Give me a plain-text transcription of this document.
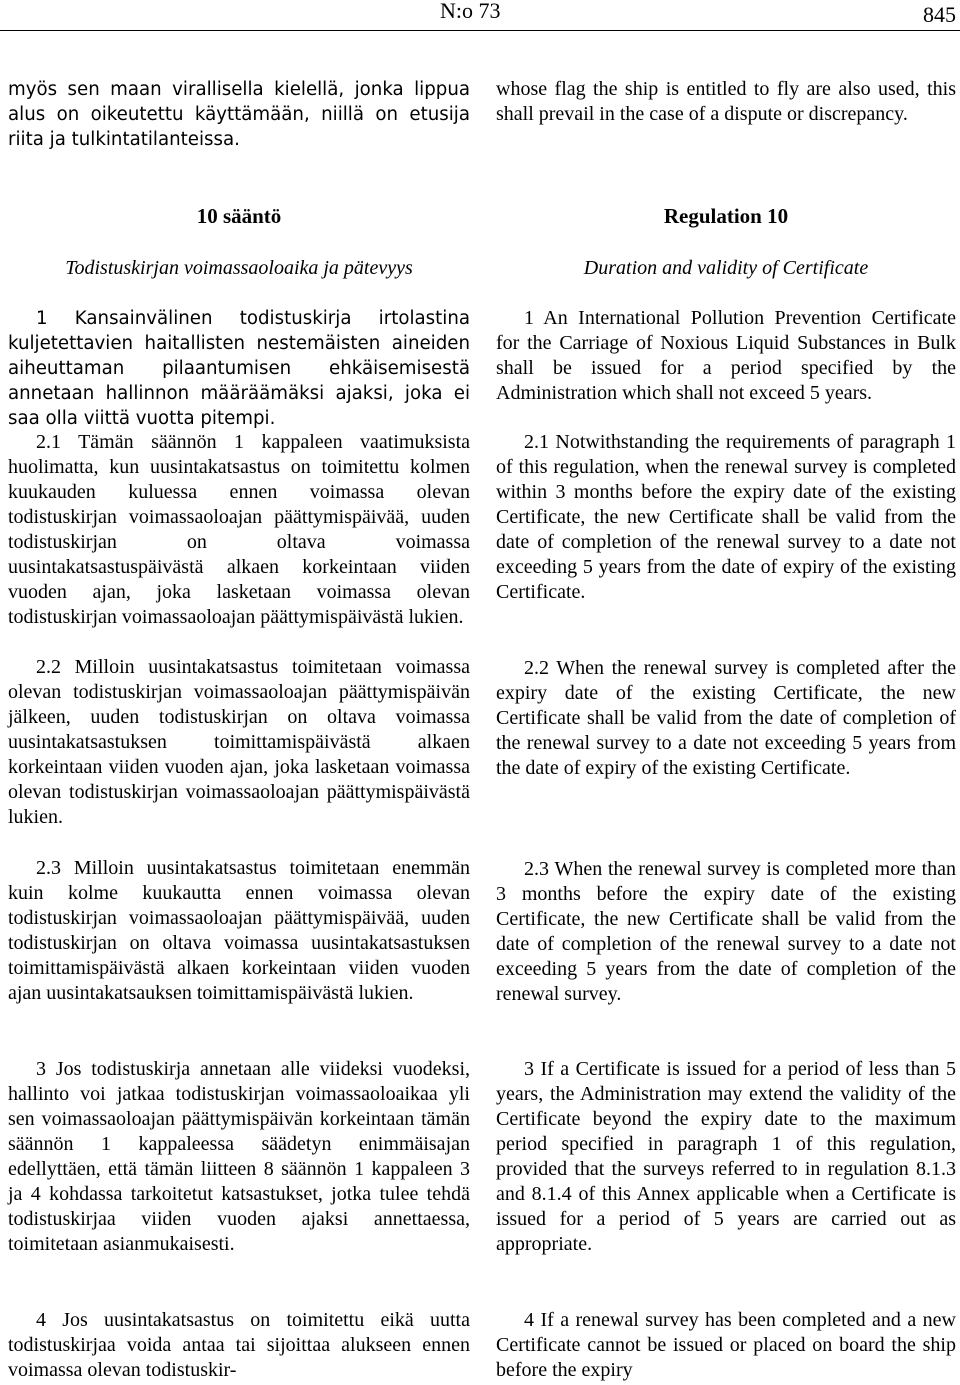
N:o 73	845

myös sen maan virallisella kielellä, jonka lippua alus on oikeutettu käyttämään, niillä on etusija riita ja tulkintatilanteissa.

10 sääntö

Todistuskirjan voimassaoloaika ja pätevyys

1 Kansainvälinen todistuskirja irtolastina kuljetettavien haitallisten nestemäisten aineiden aiheuttaman pilaantumisen ehkäisemisestä annetaan hallinnon määräämäksi ajaksi, joka ei saa olla viittä vuotta pitempi.

2.1 Tämän säännön 1 kappaleen vaatimuksista huolimatta, kun uusintakatsastus on toimitettu kolmen kuukauden kuluessa ennen voimassa olevan todistuskirjan voimassaoloajan päättymispäivää, uuden todistuskirjan on oltava voimassa uusintakatsastuspäivästä alkaen korkeintaan viiden vuoden ajan, joka lasketaan voimassa olevan todistuskirjan voimassaoloajan päättymispäivästä lukien.

2.2 Milloin uusintakatsastus toimitetaan voimassa olevan todistuskirjan voimassaoloajan päättymispäivän jälkeen, uuden todistuskirjan on oltava voimassa uusintakatsastuksen toimittamispäivästä alkaen korkeintaan viiden vuoden ajan, joka lasketaan voimassa olevan todistuskirjan voimassaoloajan päättymispäivästä lukien.

2.3 Milloin uusintakatsastus toimitetaan enemmän kuin kolme kuukautta ennen voimassa olevan todistuskirjan voimassaoloajan päättymispäivää, uuden todistuskirjan on oltava voimassa uusintakatsastuksen toimittamispäivästä alkaen korkeintaan viiden vuoden ajan uusintakatsauksen toimittamispäivästä lukien.

3 Jos todistuskirja annetaan alle viideksi vuodeksi, hallinto voi jatkaa todistuskirjan voimassaoloaikaa yli sen voimassaoloajan päättymispäivän korkeintaan tämän säännön 1 kappaleessa säädetyn enimmäisajan edellyttäen, että tämän liitteen 8 säännön 1 kappaleen 3 ja 4 kohdassa tarkoitetut katsastukset, jotka tulee tehdä todistuskirjaa viiden vuoden ajaksi annettaessa, toimitetaan asianmukaisesti.

4 Jos uusintakatsastus on toimitettu eikä uutta todistuskirjaa voida antaa tai sijoittaa alukseen ennen voimassa olevan todistuskir-

whose flag the ship is entitled to fly are also used, this shall prevail in the case of a dispute or discrepancy.

Regulation 10

Duration and validity of Certificate

1 An International Pollution Prevention Certificate for the Carriage of Noxious Liquid Substances in Bulk shall be issued for a period specified by the Administration which shall not exceed 5 years.

2.1 Notwithstanding the requirements of paragraph 1 of this regulation, when the renewal survey is completed within 3 months before the expiry date of the existing Certificate, the new Certificate shall be valid from the date of completion of the renewal survey to a date not exceeding 5 years from the date of expiry of the existing Certificate.

2.2 When the renewal survey is completed after the expiry date of the existing Certificate, the new Certificate shall be valid from the date of completion of the renewal survey to a date not exceeding 5 years from the date of expiry of the existing Certificate.

2.3 When the renewal survey is completed more than 3 months before the expiry date of the existing Certificate, the new Certificate shall be valid from the date of completion of the renewal survey to a date not exceeding 5 years from the date of completion of the renewal survey.

3 If a Certificate is issued for a period of less than 5 years, the Administration may extend the validity of the Certificate beyond the expiry date to the maximum period specified in paragraph 1 of this regulation, provided that the surveys referred to in regulation 8.1.3 and 8.1.4 of this Annex applicable when a Certificate is issued for a period of 5 years are carried out as appropriate.

4 If a renewal survey has been completed and a new Certificate cannot be issued or placed on board the ship before the expiry
